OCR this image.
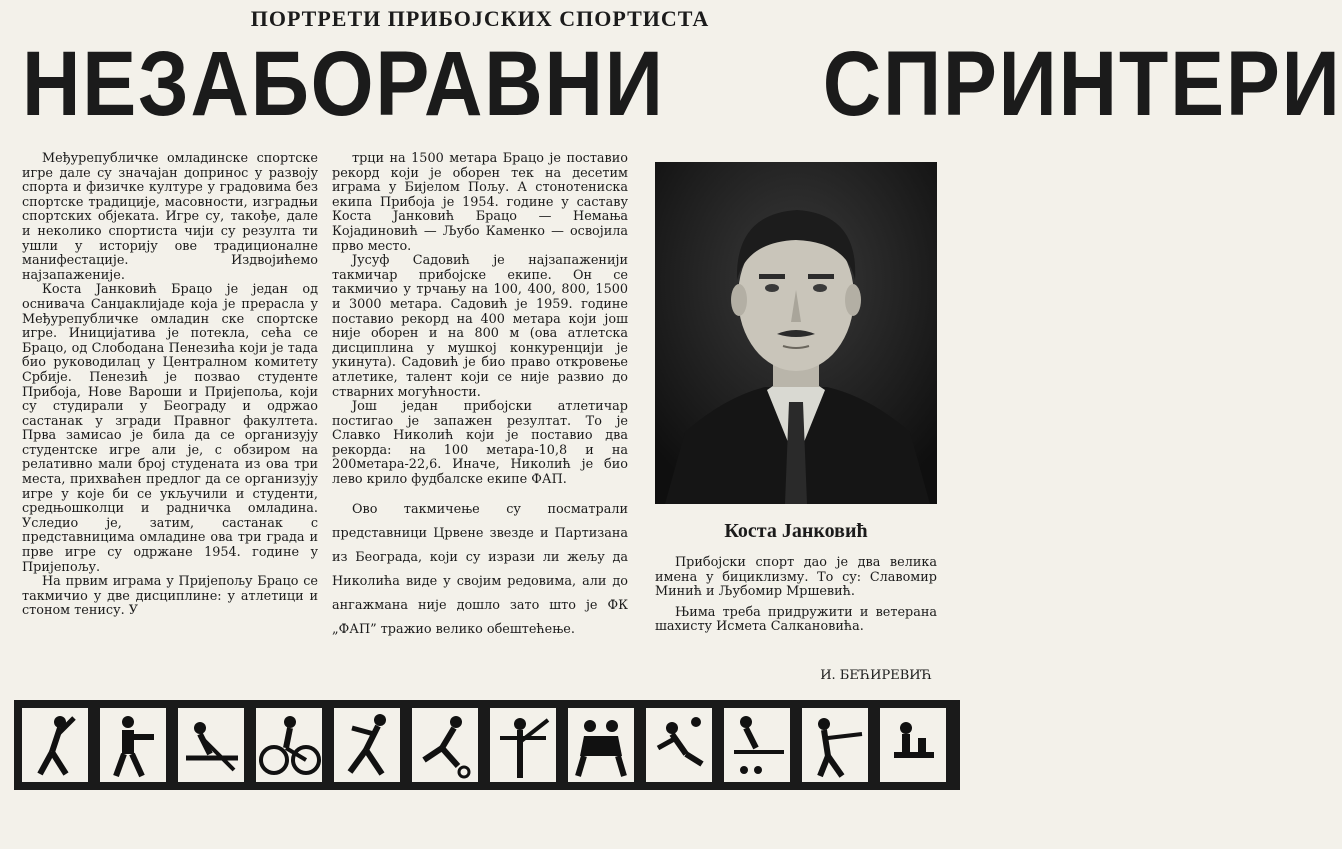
ПОРТРЕТИ ПРИБОЈСКИХ СПОРТИСТА
НЕЗАБОРАВНИ СПРИНТЕРИ

Међурепубличке омладинске спортске игре дале су значајан допринос у развоју спорта и физичке културе у градовима без спортске традиције, масовности, изградњи спортских објеката. Игре су, такође, дале и неколико спортиста чији су резулта ти ушли у историју ове традиционалне манифестације. Издвојићемо најзапаженије.

Коста Јанковић Брацо је један од оснивача Санџаклијаде која је прерасла у Међурепубличке омладин ске спортске игре. Иницијатива је потекла, сећа се Брацо, од Слободана Пенезића који је тада био руководилац у Централном комитету Србије. Пенезић је позвао студенте Прибоја, Нове Вароши и Пријепоља, који су студирали у Београду и одржао састанак у згради Правног факултета. Прва замисао је била да се организују студентске игре али је, с обзиром на релативно мали број студената из ова три места, прихваћен предлог да се организују игре у које би се укључили и студенти, средњошколци и радничка омладина. Уследио је, затим, састанак с представницима омладине ова три града и прве игре су одржане 1954. године у Пријепољу.

На првим играма у Пријепољу Брацо се такмичио у две дисциплине: у атлетици и стоном тенису. У

трци на 1500 метара Брацо је поставио рекорд који је оборен тек на десетим играма у Бијелом Пољу. А стонотениска екипа Прибоја је 1954. године у саставу Коста Јанковић Брацо — Немања Којадиновић — Љубо Каменко — освојила прво место.

Јусуф Садовић је најзапаженији такмичар прибојске екипе. Он се такмичио у трчању на 100, 400, 800, 1500 и 3000 метара. Садовић је 1959. године поставио рекорд на 400 метара који још није оборен и на 800 м (ова атлетска дисциплина у мушкој конкуренцији је укинута). Садовић је био право откровење атлетике, талент који се није развио до стварних могућности.

Још један прибојски атлетичар постигао је запажен резултат. То је Славко Николић који је поставио два рекорда: на 100 метара-10,8 и на 200метара-22,6. Иначе, Николић је био лево крило фудбалске екипе ФАП.

Ово такмичење су посматрали представници Црвене звезде и Партизана из Београда, који су изрази ли жељу да Николића виде у својим редовима, али до ангажмана није дошло зато што је ФК „ФАП” тражио велико обештећење.

Коста Јанковић

Прибојски спорт дао је два велика имена у бициклизму. То су: Славомир Минић и Љубомир Мршевић.

Њима треба придружити и ветерана шахисту Исмета Салкановића.

И. БЕЋИРЕВИЋ
